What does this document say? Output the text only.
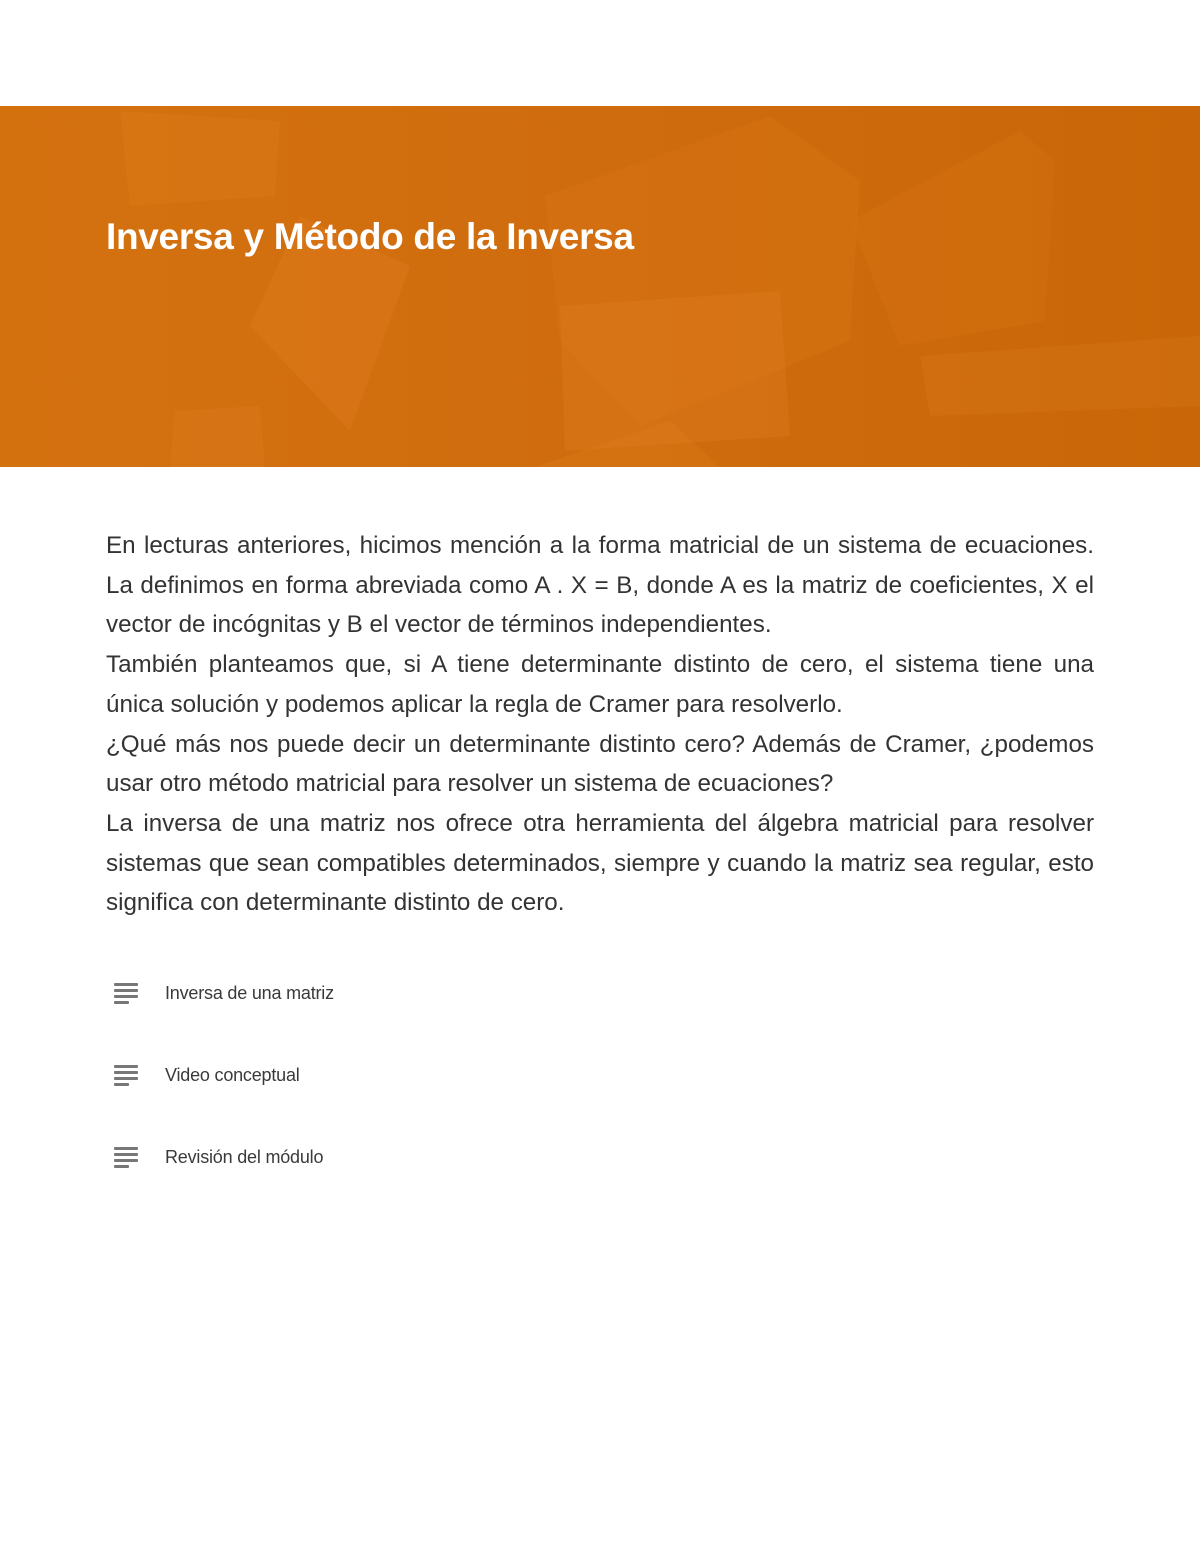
Inversa y Método de la Inversa

En lecturas anteriores, hicimos mención a la forma matricial de un sistema de ecuaciones. La definimos en forma abreviada como A . X = B, donde A es la matriz de coeficientes, X el vector de incógnitas y B el vector de términos independientes.

También planteamos que, si A tiene determinante distinto de cero, el sistema tiene una única solución y podemos aplicar la regla de Cramer para resolverlo.

¿Qué más nos puede decir un determinante distinto cero? Además de Cramer, ¿podemos usar otro método matricial para resolver un sistema de ecuaciones?

La inversa de una matriz nos ofrece otra herramienta del álgebra matricial para resolver sistemas que sean compatibles determinados, siempre y cuando la matriz sea regular, esto significa con determinante distinto de cero.

Inversa de una matriz
Video conceptual
Revisión del módulo
